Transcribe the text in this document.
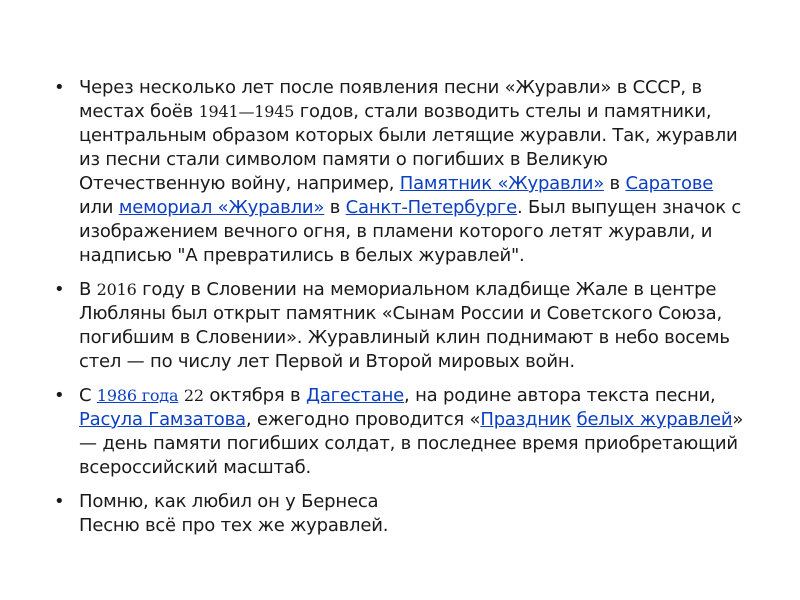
• Через несколько лет после появления песни «Журавли» в СССР, в местах боёв 1941—1945 годов, стали возводить стелы и памятники, центральным образом которых были летящие журавли. Так, журавли из песни стали символом памяти о погибших в Великую Отечественную войну, например, Памятник «Журавли» в Саратове или мемориал «Журавли» в Санкт-Петербурге. Был выпущен значок с изображением вечного огня, в пламени которого летят журавли, и надписью "А превратились в белых журавлей".
• В 2016 году в Словении на мемориальном кладбище Жале в центре Любляны был открыт памятник «Сынам России и Советского Союза, погибшим в Словении». Журавлиный клин поднимают в небо восемь стел — по числу лет Первой и Второй мировых войн.
• С 1986 года 22 октября в Дагестане, на родине автора текста песни, Расула Гамзатова, ежегодно проводится «Праздник белых журавлей» — день памяти погибших солдат, в последнее время приобретающий всероссийский масштаб.
• Помню, как любил он у Бернеса
Песню всё про тех же журавлей.
